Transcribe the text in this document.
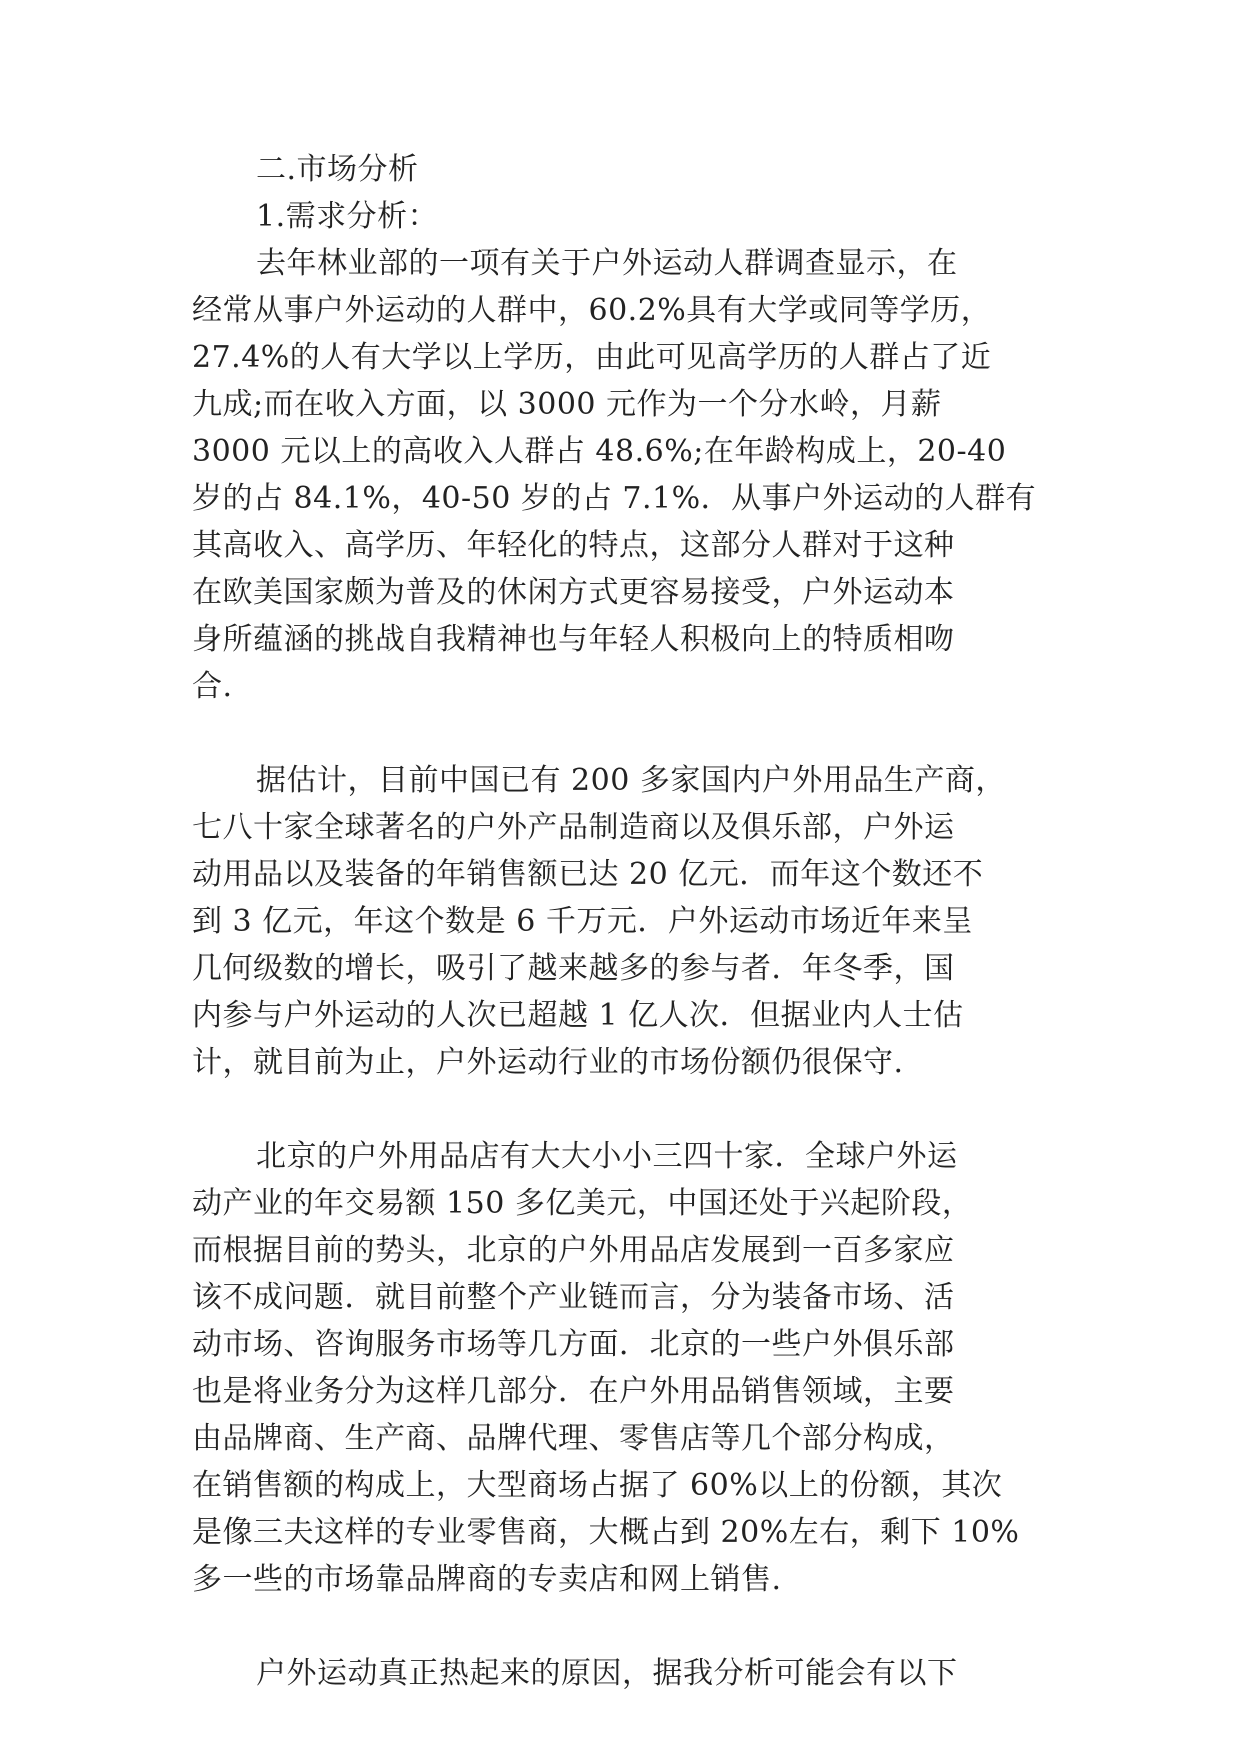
二.市场分析
1.需求分析：
去年林业部的一项有关于户外运动人群调查显示，在
经常从事户外运动的人群中，60.2%具有大学或同等学历，
27.4%的人有大学以上学历，由此可见高学历的人群占了近
九成;而在收入方面，以 3000 元作为一个分水岭，月薪
3000 元以上的高收入人群占 48.6%;在年龄构成上，20-40
岁的占 84.1%，40-50 岁的占 7.1%．从事户外运动的人群有
其高收入、高学历、年轻化的特点，这部分人群对于这种
在欧美国家颇为普及的休闲方式更容易接受，户外运动本
身所蕴涵的挑战自我精神也与年轻人积极向上的特质相吻
合.
据估计，目前中国已有 200 多家国内户外用品生产商，
七八十家全球著名的户外产品制造商以及俱乐部，户外运
动用品以及装备的年销售额已达 20 亿元．而年这个数还不
到 3 亿元，年这个数是 6 千万元．户外运动市场近年来呈
几何级数的增长，吸引了越来越多的参与者．年冬季，国
内参与户外运动的人次已超越 1 亿人次．但据业内人士估
计，就目前为止，户外运动行业的市场份额仍很保守.
北京的户外用品店有大大小小三四十家．全球户外运
动产业的年交易额 150 多亿美元，中国还处于兴起阶段，
而根据目前的势头，北京的户外用品店发展到一百多家应
该不成问题．就目前整个产业链而言，分为装备市场、活
动市场、咨询服务市场等几方面．北京的一些户外俱乐部
也是将业务分为这样几部分．在户外用品销售领域，主要
由品牌商、生产商、品牌代理、零售店等几个部分构成，
在销售额的构成上，大型商场占据了 60%以上的份额，其次
是像三夫这样的专业零售商，大概占到 20%左右，剩下 10%
多一些的市场靠品牌商的专卖店和网上销售.
户外运动真正热起来的原因，据我分析可能会有以下
